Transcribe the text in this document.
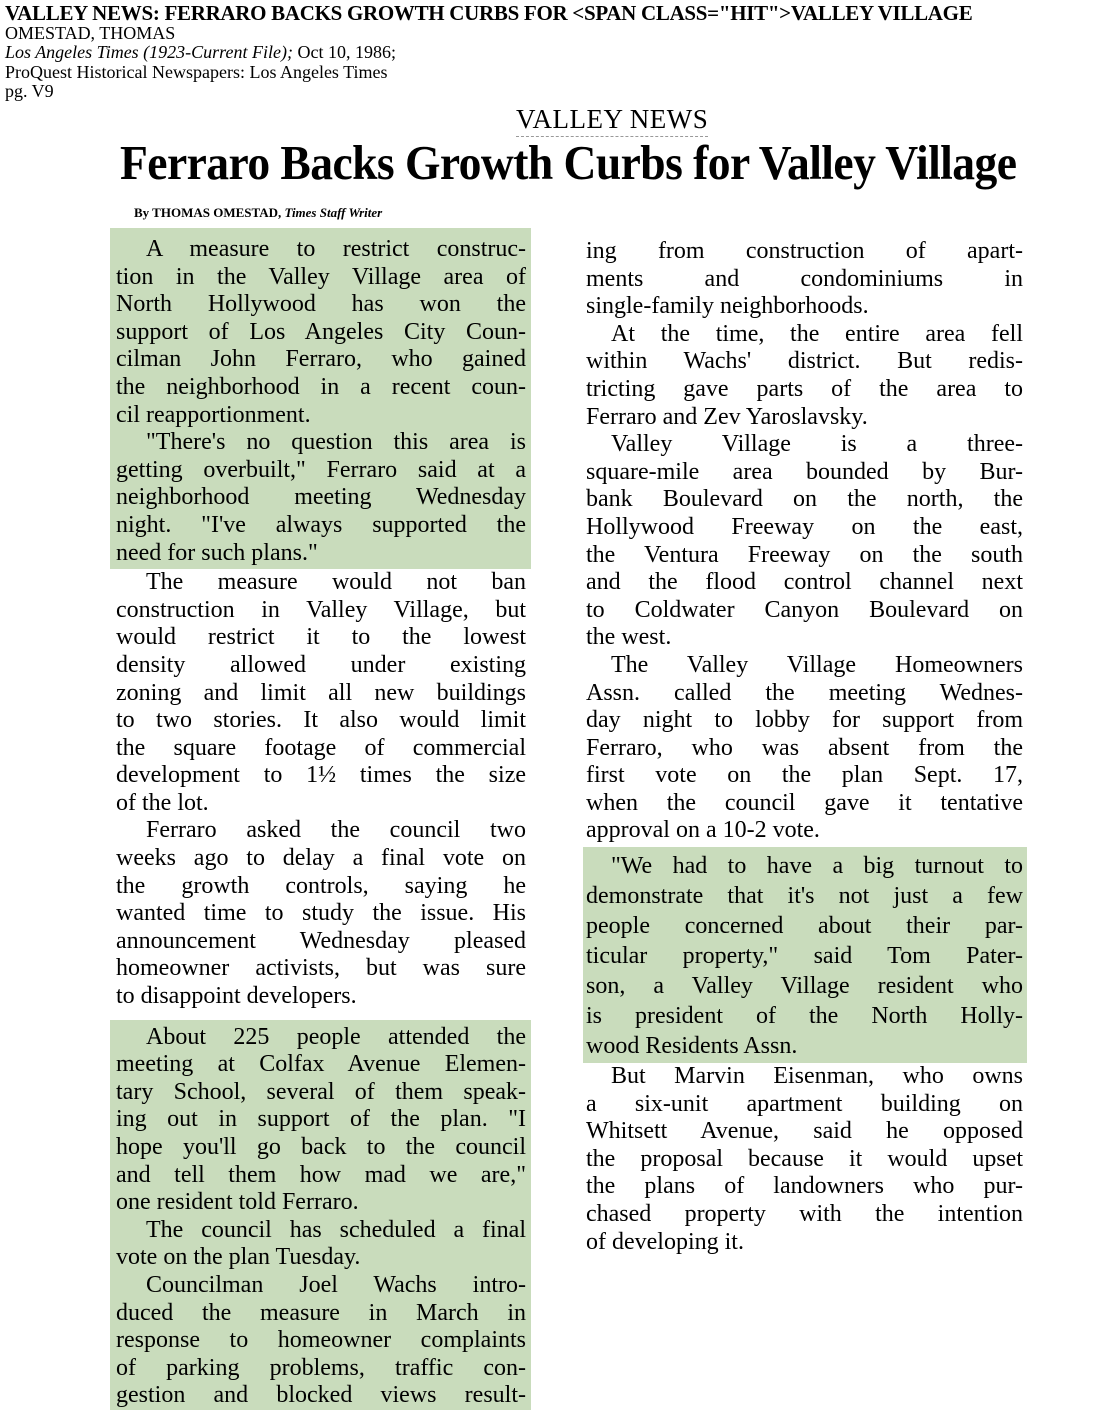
VALLEY NEWS: FERRARO BACKS GROWTH CURBS FOR <SPAN CLASS="HIT">VALLEY VILLAGE
OMESTAD, THOMAS
Los Angeles Times (1923-Current File); Oct 10, 1986;
ProQuest Historical Newspapers: Los Angeles Times
pg. V9
VALLEY NEWS
Ferraro Backs Growth Curbs for Valley Village
By THOMAS OMESTAD, Times Staff Writer
A measure to restrict construc-
tion in the Valley Village area of
North Hollywood has won the
support of Los Angeles City Coun-
cilman John Ferraro, who gained
the neighborhood in a recent coun-
cil reapportionment.
"There's no question this area is
getting overbuilt," Ferraro said at a
neighborhood meeting Wednesday
night. "I've always supported the
need for such plans."
The measure would not ban
construction in Valley Village, but
would restrict it to the lowest
density allowed under existing
zoning and limit all new buildings
to two stories. It also would limit
the square footage of commercial
development to 1½ times the size
of the lot.
Ferraro asked the council two
weeks ago to delay a final vote on
the growth controls, saying he
wanted time to study the issue. His
announcement Wednesday pleased
homeowner activists, but was sure
to disappoint developers.
About 225 people attended the
meeting at Colfax Avenue Elemen-
tary School, several of them speak-
ing out in support of the plan. "I
hope you'll go back to the council
and tell them how mad we are,"
one resident told Ferraro.
The council has scheduled a final
vote on the plan Tuesday.
Councilman Joel Wachs intro-
duced the measure in March in
response to homeowner complaints
of parking problems, traffic con-
gestion and blocked views result-
ing from construction of apart-
ments and condominiums in
single-family neighborhoods.
At the time, the entire area fell
within Wachs' district. But redis-
tricting gave parts of the area to
Ferraro and Zev Yaroslavsky.
Valley Village is a three-
square-mile area bounded by Bur-
bank Boulevard on the north, the
Hollywood Freeway on the east,
the Ventura Freeway on the south
and the flood control channel next
to Coldwater Canyon Boulevard on
the west.
The Valley Village Homeowners
Assn. called the meeting Wednes-
day night to lobby for support from
Ferraro, who was absent from the
first vote on the plan Sept. 17,
when the council gave it tentative
approval on a 10-2 vote.
"We had to have a big turnout to
demonstrate that it's not just a few
people concerned about their par-
ticular property," said Tom Pater-
son, a Valley Village resident who
is president of the North Holly-
wood Residents Assn.
But Marvin Eisenman, who owns
a six-unit apartment building on
Whitsett Avenue, said he opposed
the proposal because it would upset
the plans of landowners who pur-
chased property with the intention
of developing it.
